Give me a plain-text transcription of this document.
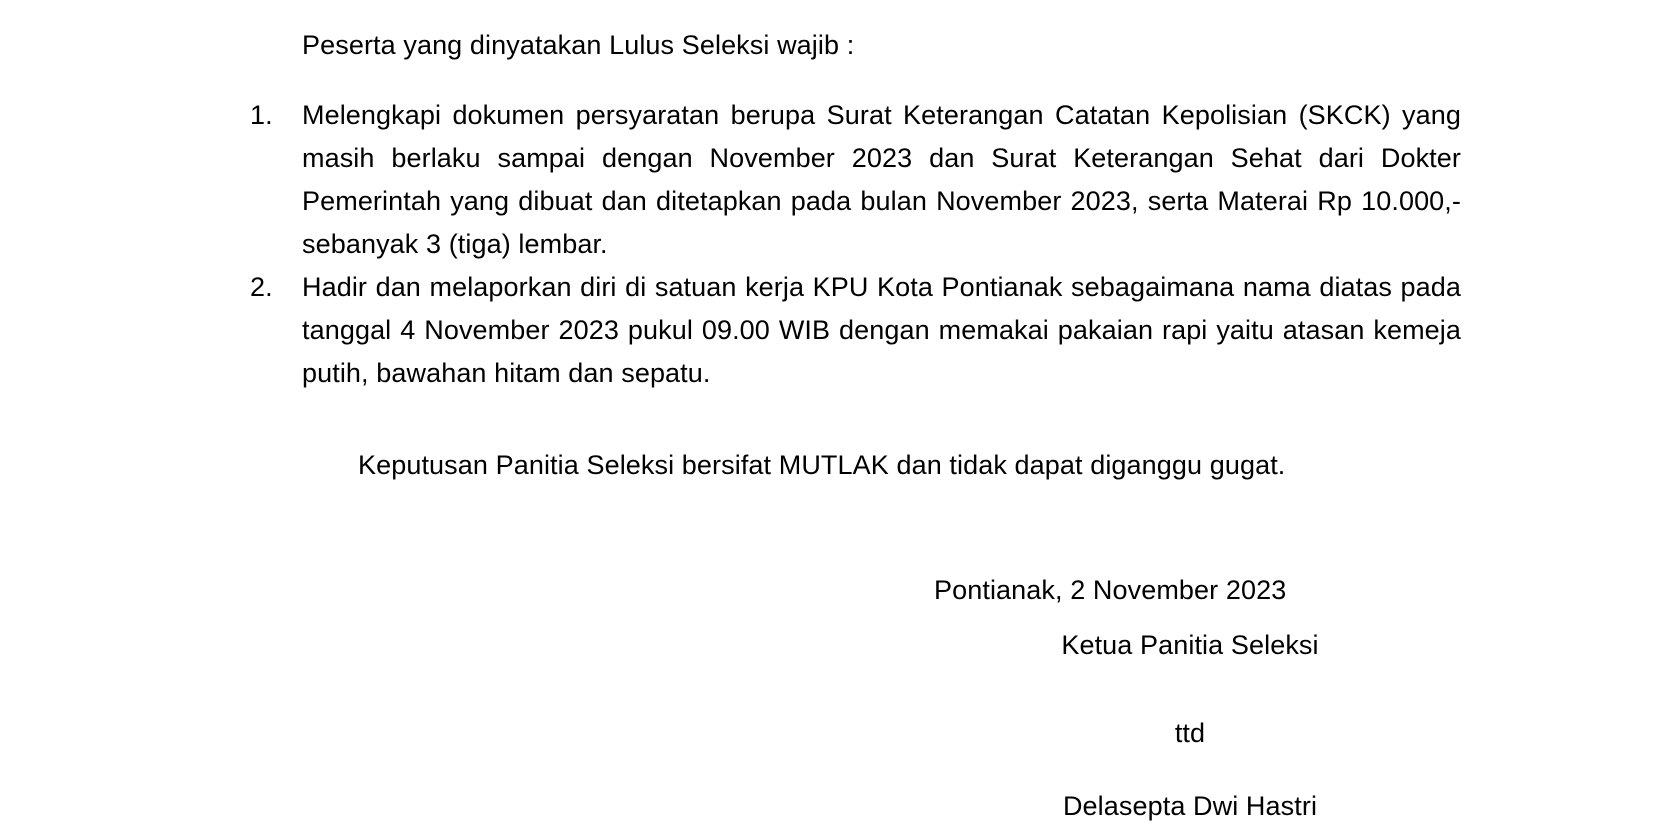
Peserta yang dinyatakan Lulus Seleksi wajib :
1. Melengkapi dokumen persyaratan berupa Surat Keterangan Catatan Kepolisian (SKCK) yang masih berlaku sampai dengan November 2023 dan Surat Keterangan Sehat dari Dokter Pemerintah yang dibuat dan ditetapkan pada bulan November 2023, serta Materai Rp 10.000,- sebanyak 3 (tiga) lembar.
2. Hadir dan melaporkan diri di satuan kerja KPU Kota Pontianak sebagaimana nama diatas pada tanggal 4 November 2023 pukul 09.00 WIB dengan memakai pakaian rapi yaitu atasan kemeja putih, bawahan hitam dan sepatu.
Keputusan Panitia Seleksi bersifat MUTLAK dan tidak dapat diganggu gugat.
Pontianak, 2 November 2023
Ketua Panitia Seleksi
ttd
Delasepta Dwi Hastri
